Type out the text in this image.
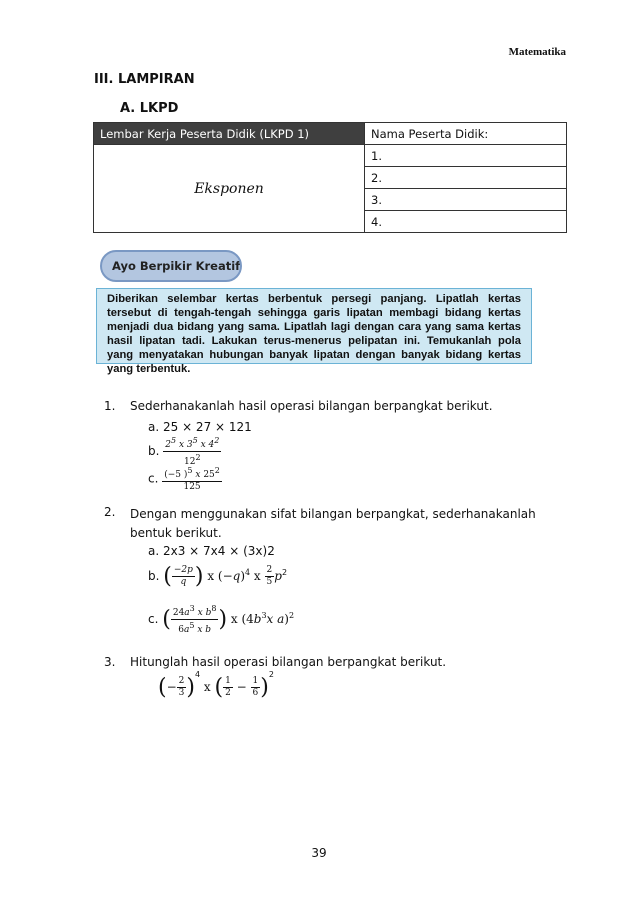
Matematika
III. LAMPIRAN
A. LKPD
Lembar Kerja Peserta Didik (LKPD 1)	Nama Peserta Didik:
Eksponen	1.
	2.
	3.
	4.
Ayo Berpikir Kreatif
Diberikan selembar kertas berbentuk persegi panjang. Lipatlah kertas tersebut di tengah-tengah sehingga garis lipatan membagi bidang kertas menjadi dua bidang yang sama. Lipatlah lagi dengan cara yang sama kertas hasil lipatan tadi. Lakukan terus-menerus pelipatan ini. Temukanlah pola yang menyatakan hubungan banyak lipatan dengan banyak bidang kertas yang terbentuk.
1. Sederhanakanlah hasil operasi bilangan berpangkat berikut.
a. 25 × 27 × 121
b. $\frac{2^5 x 3^5 x 4^2}{12^2}$
c. $\frac{(-5 )^5 x 25^2}{125}$
2. Dengan menggunakan sifat bilangan berpangkat, sederhanakanlah bentuk berikut.
a. 2x3 × 7x4 × (3x)2
b. ( $\frac{-2p}{q}$ ) x $(-q)^4$ x $\frac{2}{5} p^2$
c. ( $\frac{24a^3 x b^8}{6a^5 x b}$ ) x ($4b^3x$ a)$^2$
3. Hitunglah hasil operasi bilangan berpangkat berikut.
(− $\frac{2}{3} )^4$ x ( $\frac{1}{2} - \frac{1}{6} )^2$
39
